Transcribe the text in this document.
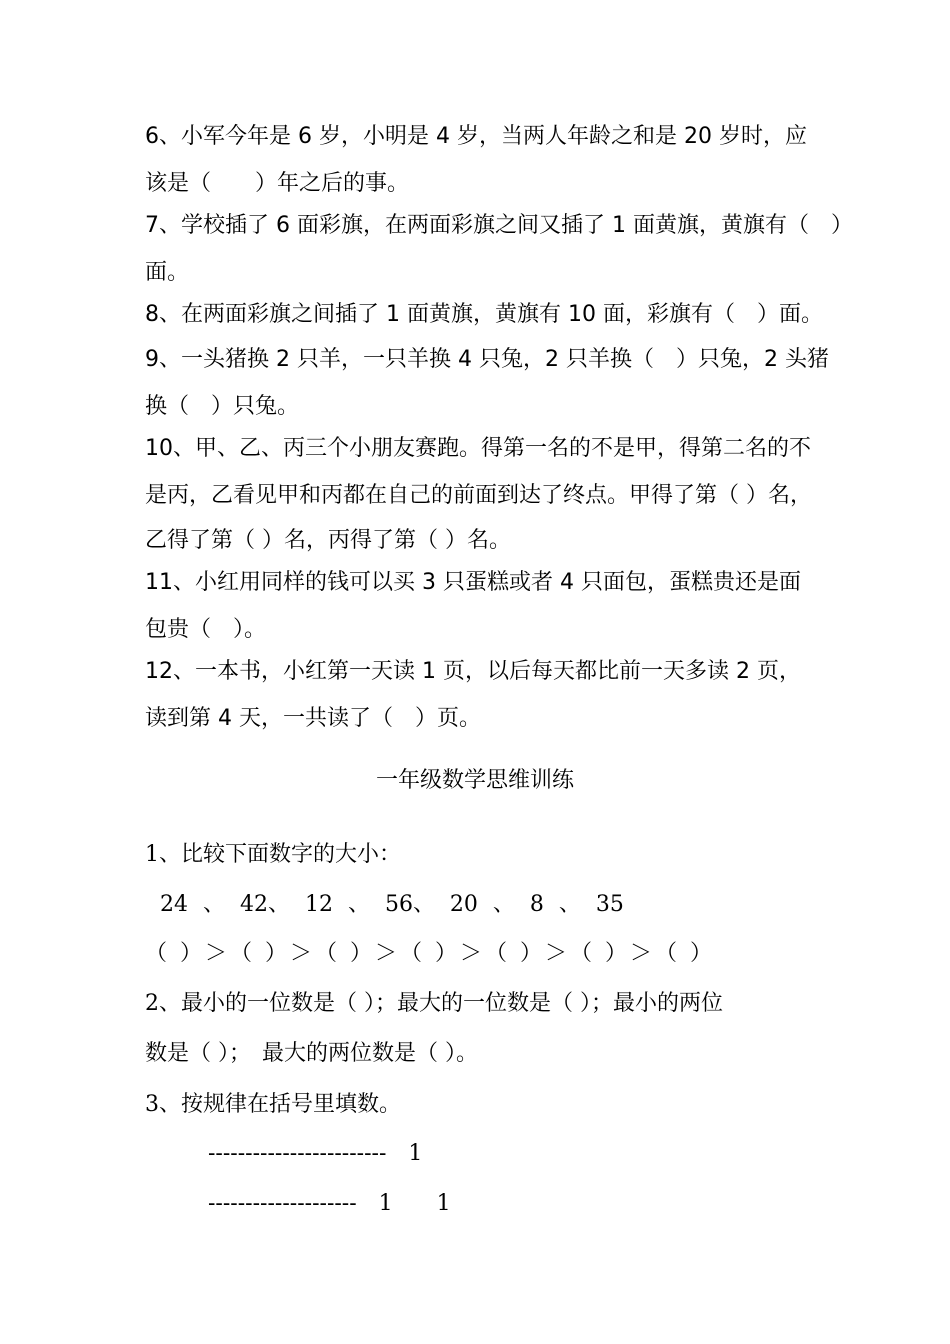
6、小军今年是 6 岁，小明是 4 岁，当两人年龄之和是 20 岁时，应
该是（　　）年之后的事。
7、学校插了 6 面彩旗，在两面彩旗之间又插了 1 面黄旗，黄旗有（　）
面。
8、在两面彩旗之间插了 1 面黄旗，黄旗有 10 面，彩旗有（　）面。
9、一头猪换 2 只羊，一只羊换 4 只兔，2 只羊换（　）只兔，2 头猪
换（　）只兔。
10、甲、乙、丙三个小朋友赛跑。得第一名的不是甲，得第二名的不
是丙，乙看见甲和丙都在自己的前面到达了终点。甲得了第（ ）名，
乙得了第（ ）名，丙得了第（ ）名。
11、小红用同样的钱可以买 3 只蛋糕或者 4 只面包，蛋糕贵还是面
包贵（　）。
12、一本书，小红第一天读 1 页，以后每天都比前一天多读 2 页，
读到第 4 天，一共读了（　）页。
一年级数学思维训练
1、比较下面数字的大小：
24 、 42、 12 、 56、 20 、 8 、 35
（ ）＞（ ）＞（ ）＞（ ）＞（ ）＞（ ）＞（ ）
2、最小的一位数是（ ）；最大的一位数是（ ）；最小的两位
数是（ ）；　最大的两位数是（ ）。
3、按规律在括号里填数。
------------------------　1
--------------------　1　　1
